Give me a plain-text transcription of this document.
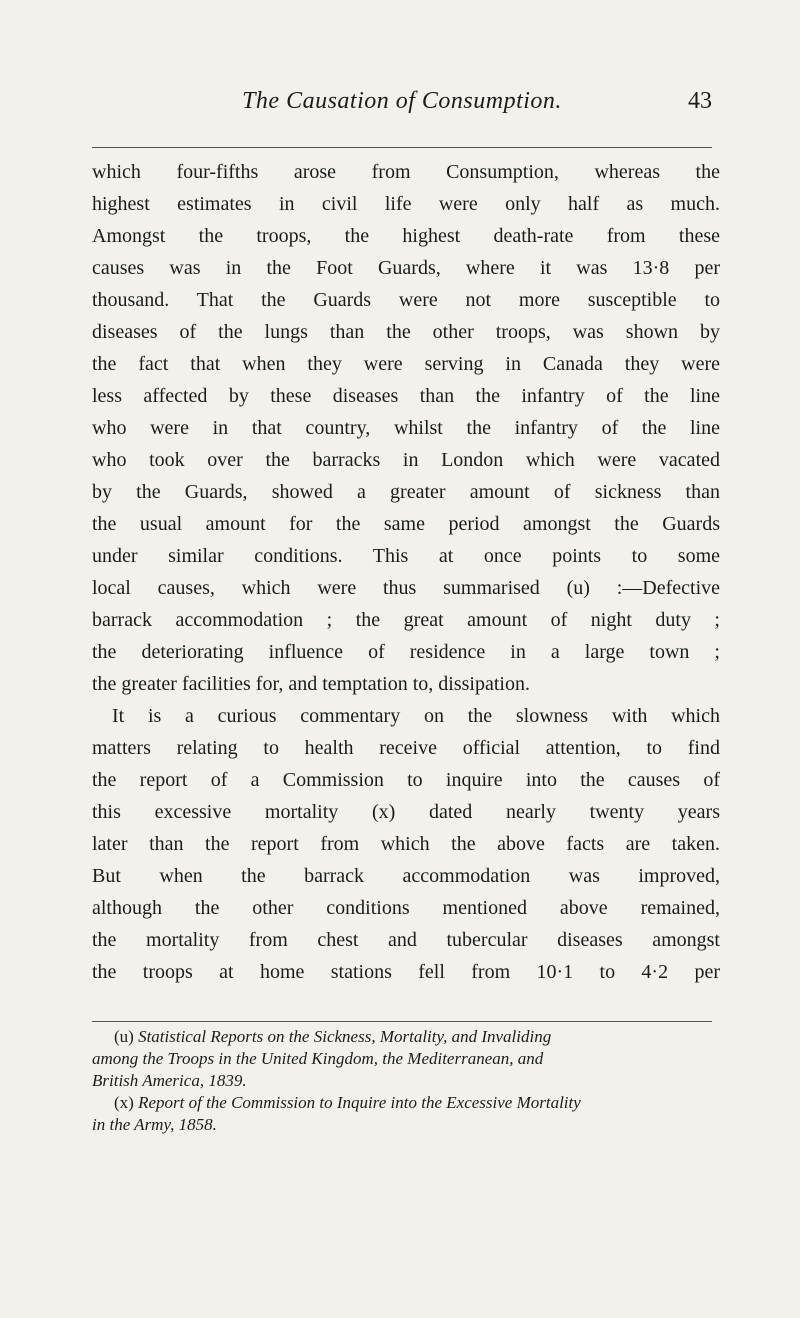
The Causation of Consumption.	43
which four-fifths arose from Consumption, whereas the
highest estimates in civil life were only half as much.
Amongst the troops, the highest death-rate from these
causes was in the Foot Guards, where it was 13·8 per
thousand. That the Guards were not more susceptible to
diseases of the lungs than the other troops, was shown by
the fact that when they were serving in Canada they were
less affected by these diseases than the infantry of the line
who were in that country, whilst the infantry of the line
who took over the barracks in London which were vacated
by the Guards, showed a greater amount of sickness than
the usual amount for the same period amongst the Guards
under similar conditions. This at once points to some
local causes, which were thus summarised (u) :—Defective
barrack accommodation ; the great amount of night duty ;
the deteriorating influence of residence in a large town ;
the greater facilities for, and temptation to, dissipation.
It is a curious commentary on the slowness with which
matters relating to health receive official attention, to find
the report of a Commission to inquire into the causes of
this excessive mortality (x) dated nearly twenty years
later than the report from which the above facts are taken.
But when the barrack accommodation was improved,
although the other conditions mentioned above remained,
the mortality from chest and tubercular diseases amongst
the troops at home stations fell from 10·1 to 4·2 per
(u) Statistical Reports on the Sickness, Mortality, and Invaliding
among the Troops in the United Kingdom, the Mediterranean, and
British America, 1839.
(x) Report of the Commission to Inquire into the Excessive Mortality
in the Army, 1858.
